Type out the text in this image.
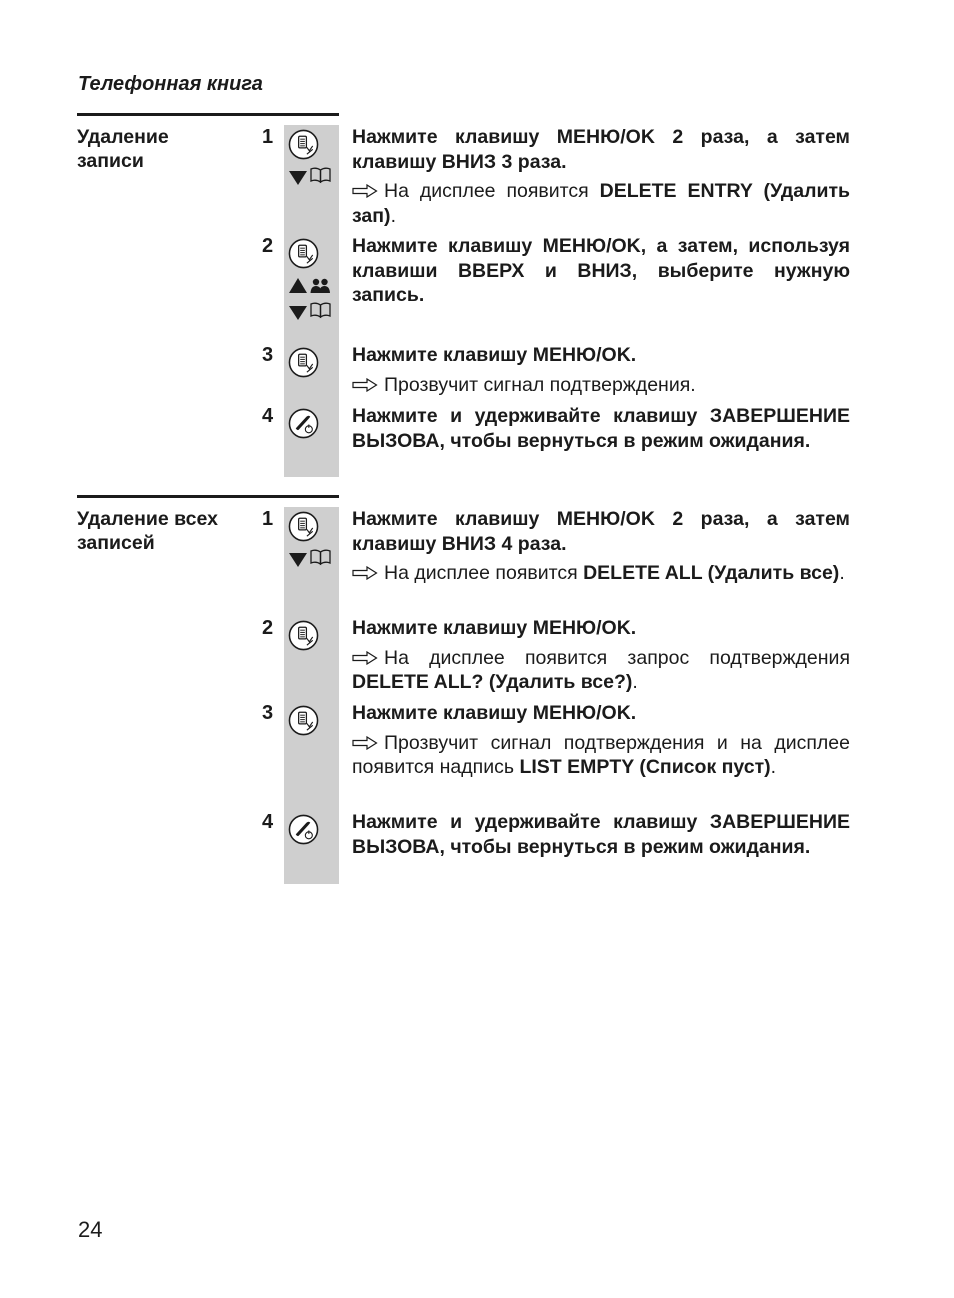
Телефонная книга
Удаление записи
1	Нажмите клавишу МЕНЮ/OK 2 раза, а затем клавишу ВНИЗ 3 раза.

На дисплее появится DELETE ENTRY (Удалить зап).

2	Нажмите клавишу МЕНЮ/OK, а затем, используя клавиши ВВЕРХ и ВНИЗ, выберите нужную запись.

3	Нажмите клавишу МЕНЮ/OK.

Прозвучит сигнал подтверждения.

4	Нажмите и удерживайте клавишу ЗАВЕРШЕНИЕ ВЫЗОВА, чтобы вернуться в режим ожидания.

Удаление всех записей
1	Нажмите клавишу МЕНЮ/OK 2 раза, а затем клавишу ВНИЗ 4 раза.

На дисплее появится DELETE ALL (Удалить все).

2	Нажмите клавишу МЕНЮ/OK.

На дисплее появится запрос подтверждения DELETE ALL? (Удалить все?).

3	Нажмите клавишу МЕНЮ/OK.

Прозвучит сигнал подтверждения и на дисплее появится надпись LIST EMPTY (Список пуст).

4	Нажмите и удерживайте клавишу ЗАВЕРШЕНИЕ ВЫЗОВА, чтобы вернуться в режим ожидания.

24
